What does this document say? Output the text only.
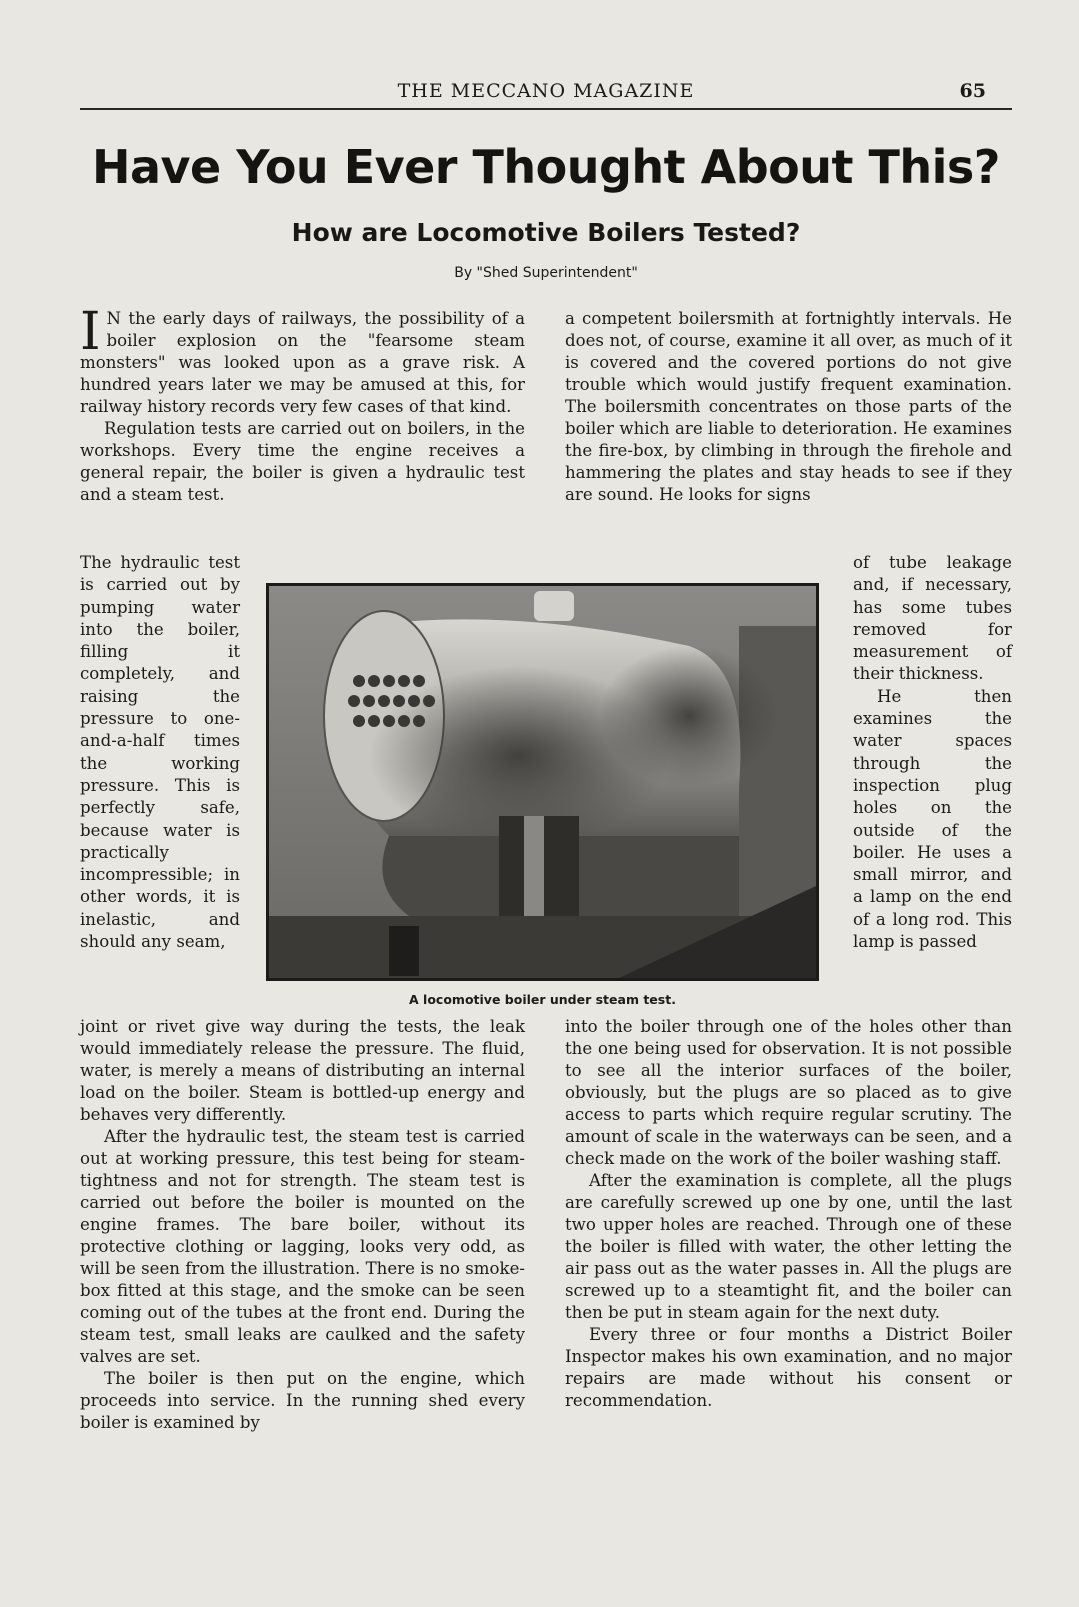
THE MECCANO MAGAZINE	65
Have You Ever Thought About This?
How are Locomotive Boilers Tested?
By "Shed Superintendent"

I N the early days of railways, the possibility of a boiler explosion on the "fearsome steam monsters" was looked upon as a grave risk. A hundred years later we may be amused at this, for railway history records very few cases of that kind.

Regulation tests are carried out on boilers, in the workshops. Every time the engine receives a general repair, the boiler is given a hydraulic test and a steam test.

The hydraulic test is carried out by pumping water into the boiler, filling it completely, and raising the pressure to one-and-a-half times the working pressure. This is perfectly safe, because water is practically incompressible; in other words, it is inelastic, and should any seam,

joint or rivet give way during the tests, the leak would immediately release the pressure. The fluid, water, is merely a means of distributing an internal load on the boiler. Steam is bottled-up energy and behaves very differently.

After the hydraulic test, the steam test is carried out at working pressure, this test being for steam-tightness and not for strength. The steam test is carried out before the boiler is mounted on the engine frames. The bare boiler, without its protective clothing or lagging, looks very odd, as will be seen from the illustration. There is no smoke-box fitted at this stage, and the smoke can be seen coming out of the tubes at the front end. During the steam test, small leaks are caulked and the safety valves are set.

The boiler is then put on the engine, which proceeds into service. In the running shed every boiler is examined by

a competent boilersmith at fortnightly intervals. He does not, of course, examine it all over, as much of it is covered and the covered portions do not give trouble which would justify frequent examination. The boilersmith concentrates on those parts of the boiler which are liable to deterioration. He examines the fire-box, by climbing in through the firehole and hammering the plates and stay heads to see if they are sound. He looks for signs

of tube leakage and, if necessary, has some tubes removed for measurement of their thickness.

He then examines the water spaces through the inspection plug holes on the outside of the boiler. He uses a small mirror, and a lamp on the end of a long rod. This lamp is passed

into the boiler through one of the holes other than the one being used for observation. It is not possible to see all the interior surfaces of the boiler, obviously, but the plugs are so placed as to give access to parts which require regular scrutiny. The amount of scale in the waterways can be seen, and a check made on the work of the boiler washing staff.

After the examination is complete, all the plugs are carefully screwed up one by one, until the last two upper holes are reached. Through one of these the boiler is filled with water, the other letting the air pass out as the water passes in. All the plugs are screwed up to a steamtight fit, and the boiler can then be put in steam again for the next duty.

Every three or four months a District Boiler Inspector makes his own examination, and no major repairs are made without his consent or recommendation.

A locomotive boiler under steam test.
